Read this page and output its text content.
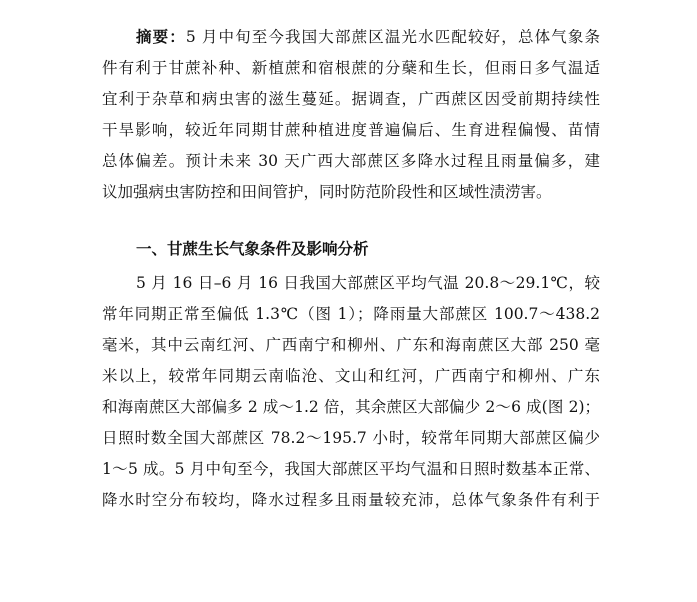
摘要：5 月中旬至今我国大部蔗区温光水匹配较好，总体气象条
件有利于甘蔗补种、新植蔗和宿根蔗的分蘖和生长，但雨日多气温适
宜利于杂草和病虫害的滋生蔓延。据调查，广西蔗区因受前期持续性
干旱影响，较近年同期甘蔗种植进度普遍偏后、生育进程偏慢、苗情
总体偏差。预计未来 30 天广西大部蔗区多降水过程且雨量偏多，建
议加强病虫害防控和田间管护，同时防范阶段性和区域性渍涝害。
一、甘蔗生长气象条件及影响分析
5 月 16 日–6 月 16 日我国大部蔗区平均气温 20.8～29.1℃，较
常年同期正常至偏低 1.3℃（图 1）；降雨量大部蔗区 100.7～438.2
毫米，其中云南红河、广西南宁和柳州、广东和海南蔗区大部 250 毫
米以上，较常年同期云南临沧、文山和红河，广西南宁和柳州、广东
和海南蔗区大部偏多 2 成～1.2 倍，其余蔗区大部偏少 2～6 成(图 2)；
日照时数全国大部蔗区 78.2～195.7 小时，较常年同期大部蔗区偏少
1～5 成。5 月中旬至今，我国大部蔗区平均气温和日照时数基本正常、
降水时空分布较均，降水过程多且雨量较充沛，总体气象条件有利于
